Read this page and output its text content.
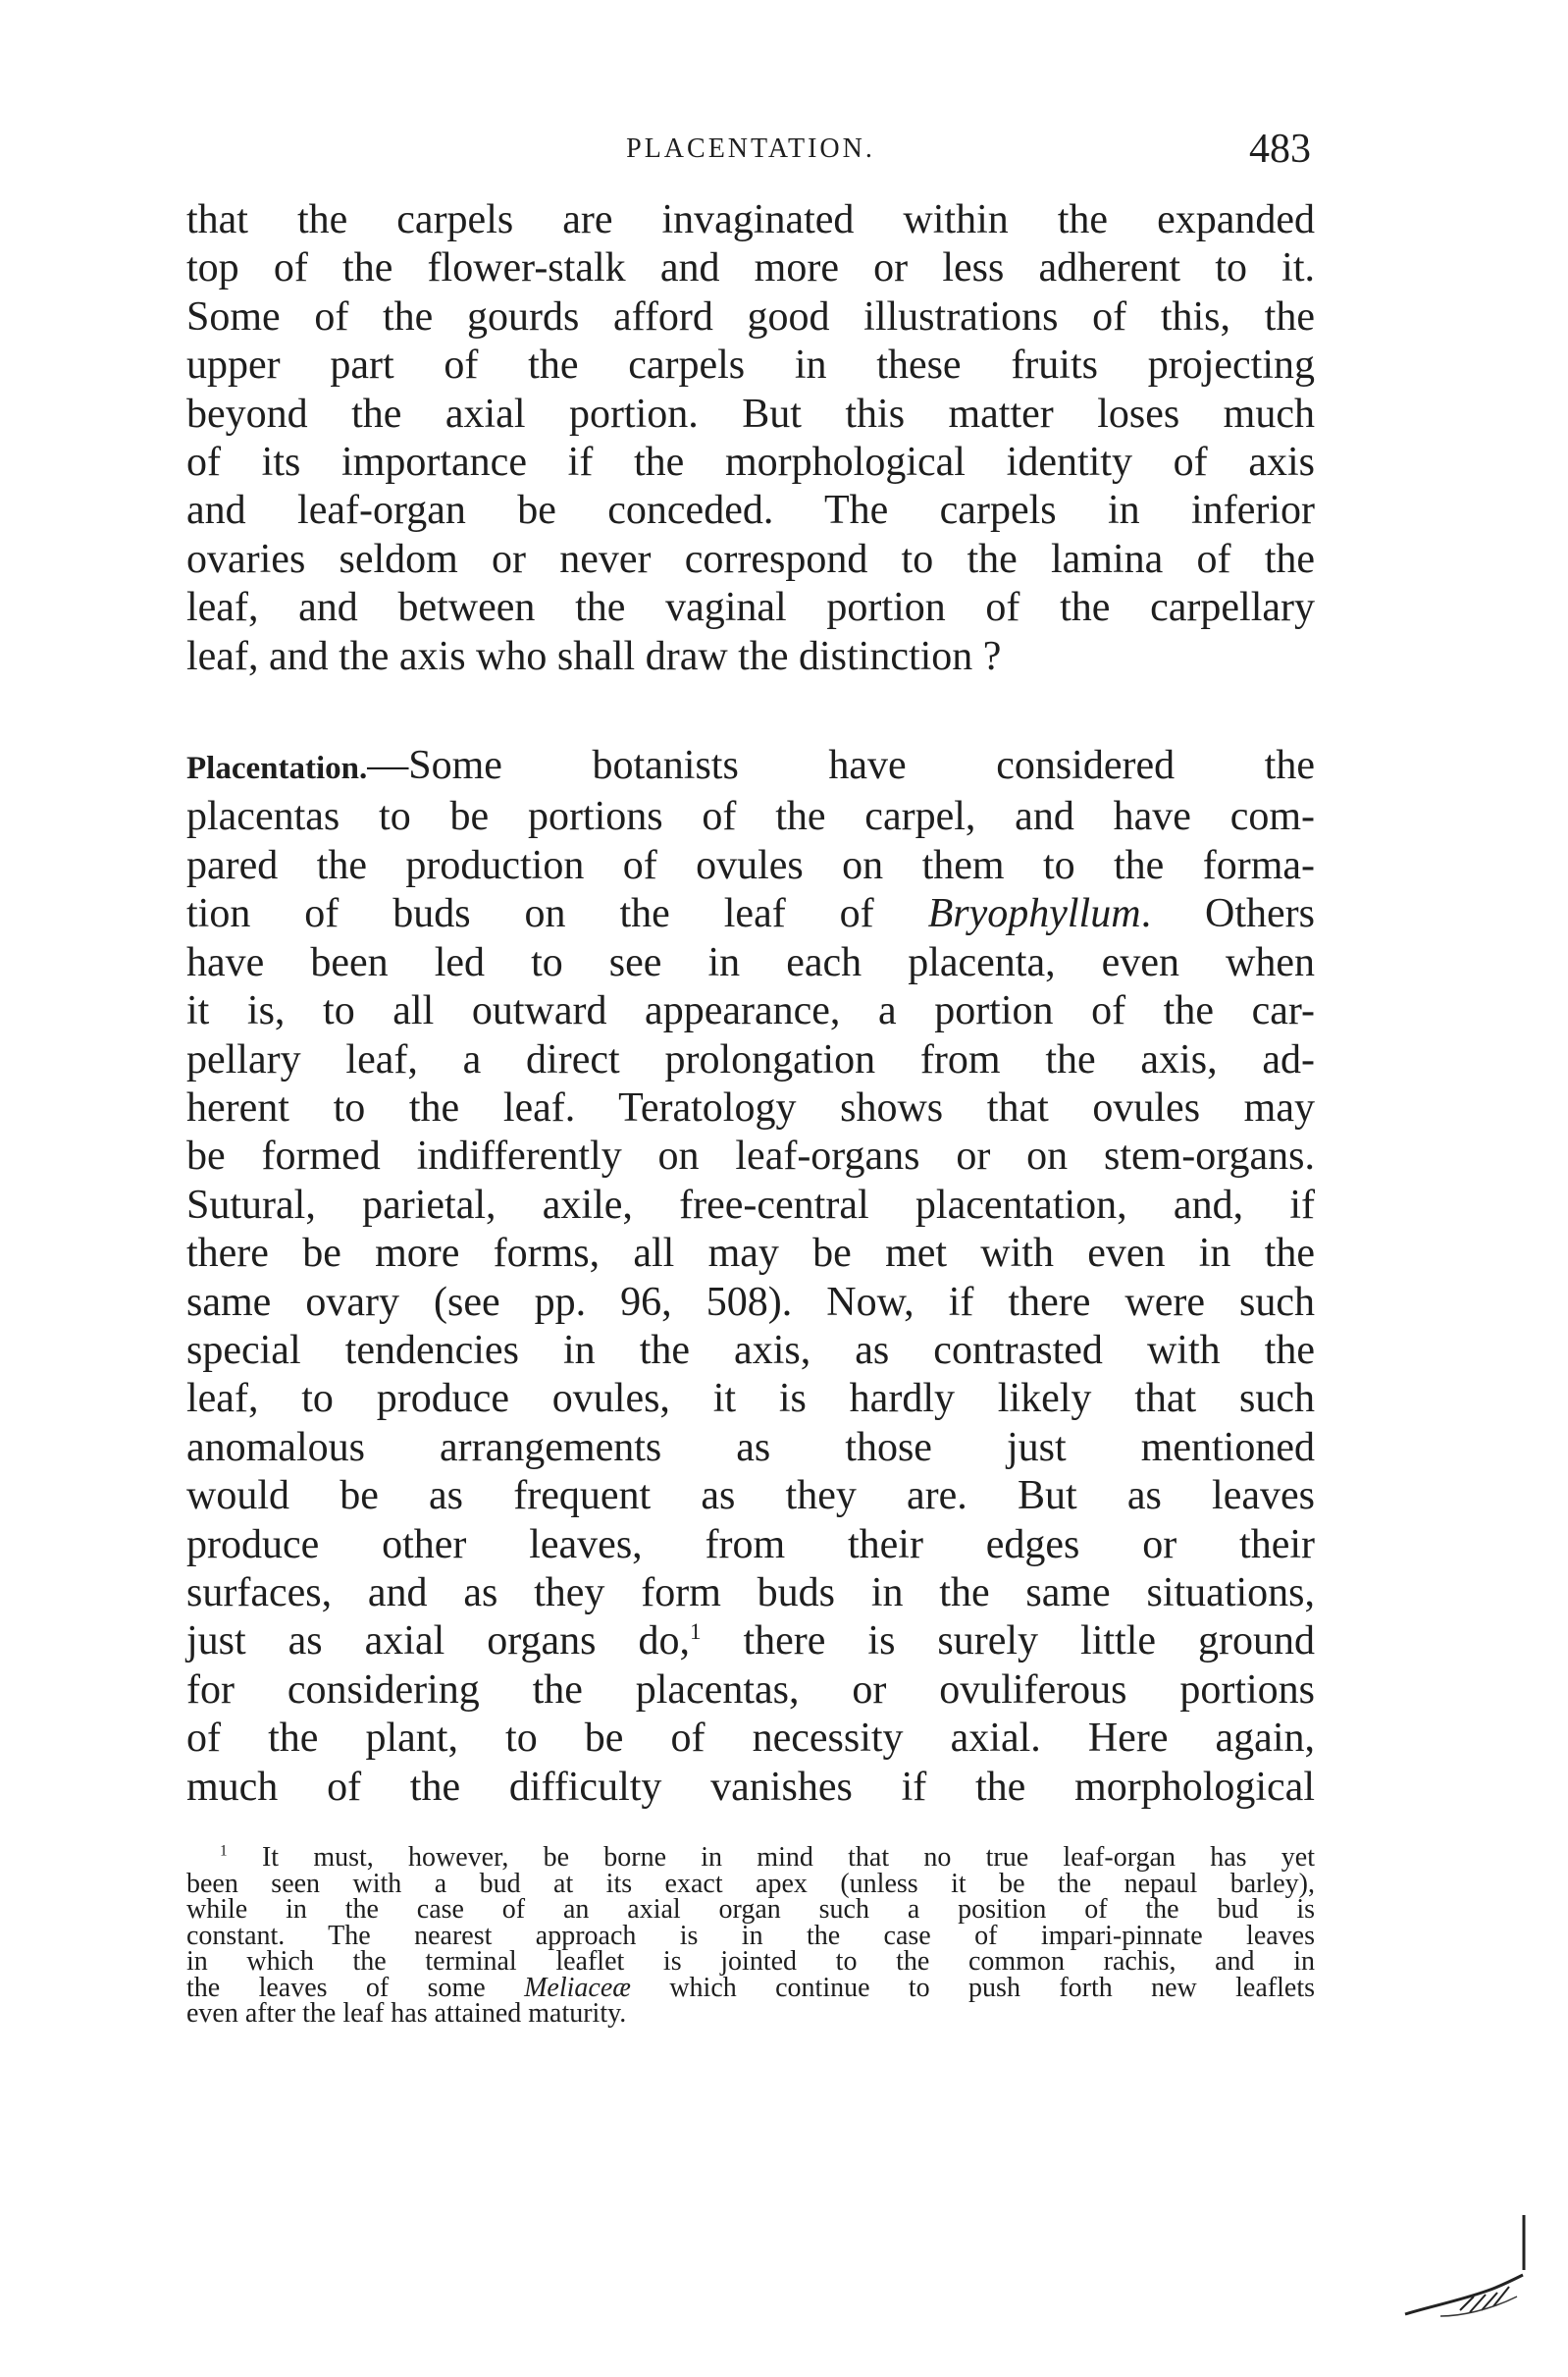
PLACENTATION.	483

that the carpels are invaginated within the expanded

top of the flower-stalk and more or less adherent to it.

Some of the gourds afford good illustrations of this, the

upper part of the carpels in these fruits projecting

beyond the axial portion. But this matter loses much

of its importance if the morphological identity of axis

and leaf-organ be conceded. The carpels in inferior

ovaries seldom or never correspond to the lamina of the

leaf, and between the vaginal portion of the carpellary

leaf, and the axis who shall draw the distinction ?

Placentation.—Some botanists have considered the

placentas to be portions of the carpel, and have com-

pared the production of ovules on them to the forma-

tion of buds on the leaf of Bryophyllum. Others

have been led to see in each placenta, even when

it is, to all outward appearance, a portion of the car-

pellary leaf, a direct prolongation from the axis, ad-

herent to the leaf. Teratology shows that ovules may

be formed indifferently on leaf-organs or on stem-organs.

Sutural, parietal, axile, free-central placentation, and, if

there be more forms, all may be met with even in the

same ovary (see pp. 96, 508). Now, if there were such

special tendencies in the axis, as contrasted with the

leaf, to produce ovules, it is hardly likely that such

anomalous arrangements as those just mentioned

would be as frequent as they are. But as leaves

produce other leaves, from their edges or their

surfaces, and as they form buds in the same situations,

just as axial organs do,$^1$ there is surely little ground

for considering the placentas, or ovuliferous portions

of the plant, to be of necessity axial. Here again,

much of the difficulty vanishes if the morphological

$^1$ It must, however, be borne in mind that no true leaf-organ has yet

been seen with a bud at its exact apex (unless it be the nepaul barley),

while in the case of an axial organ such a position of the bud is

constant. The nearest approach is in the case of impari-pinnate leaves

in which the terminal leaflet is jointed to the common rachis, and in

the leaves of some Meliaceæ which continue to push forth new leaflets

even after the leaf has attained maturity.
